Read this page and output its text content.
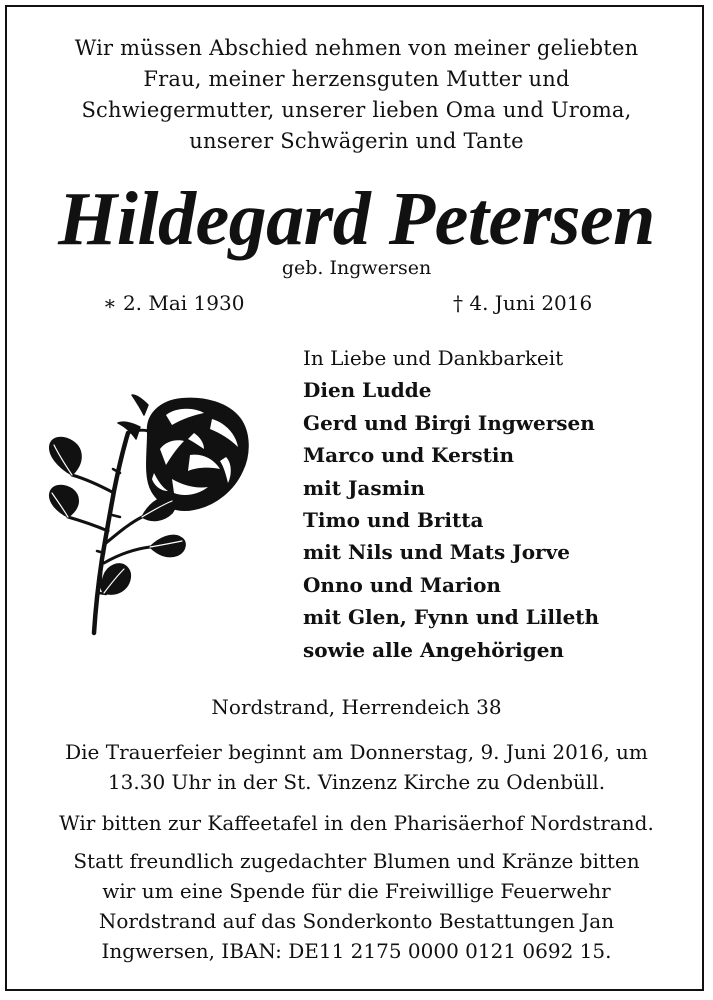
Wir müssen Abschied nehmen von meiner geliebten
Frau, meiner herzensguten Mutter und
Schwiegermutter, unserer lieben Oma und Uroma,
unserer Schwägerin und Tante
Hildegard Petersen
geb. Ingwersen
∗ 2. Mai 1930	† 4. Juni 2016
In Liebe und Dankbarkeit
Dien Ludde
Gerd und Birgi Ingwersen
Marco und Kerstin
mit Jasmin
Timo und Britta
mit Nils und Mats Jorve
Onno und Marion
mit Glen, Fynn und Lilleth
sowie alle Angehörigen
Nordstrand, Herrendeich 38
Die Trauerfeier beginnt am Donnerstag, 9. Juni 2016, um
13.30 Uhr in der St. Vinzenz Kirche zu Odenbüll.
Wir bitten zur Kaffeetafel in den Pharisäerhof Nordstrand.
Statt freundlich zugedachter Blumen und Kränze bitten
wir um eine Spende für die Freiwillige Feuerwehr
Nordstrand auf das Sonderkonto Bestattungen Jan
Ingwersen, IBAN: DE11 2175 0000 0121 0692 15.
